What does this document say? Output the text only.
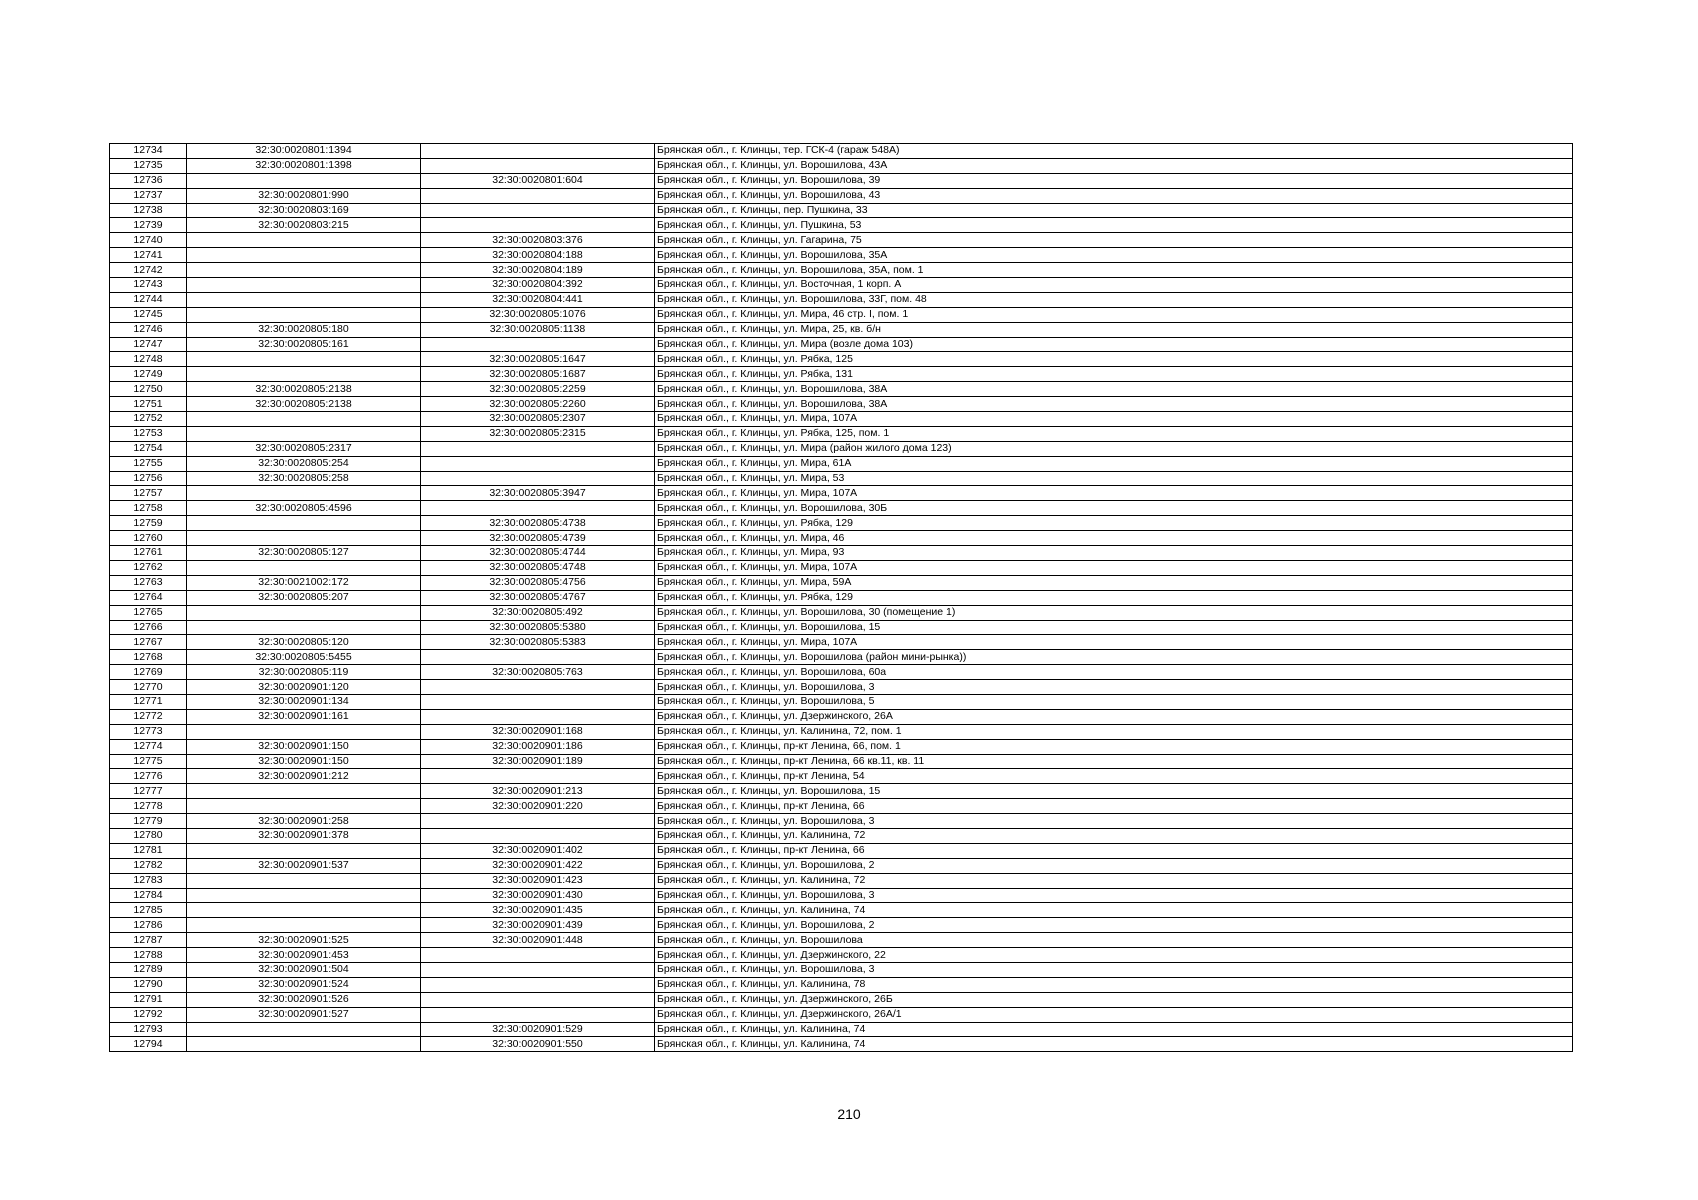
12734	32:30:0020801:1394		Брянская обл., г. Клинцы, тер. ГСК-4 (гараж 548А)
12735	32:30:0020801:1398		Брянская обл., г. Клинцы, ул. Ворошилова, 43А
12736		32:30:0020801:604	Брянская обл., г. Клинцы, ул. Ворошилова, 39
12737	32:30:0020801:990		Брянская обл., г. Клинцы, ул. Ворошилова, 43
12738	32:30:0020803:169		Брянская обл., г. Клинцы, пер. Пушкина, 33
12739	32:30:0020803:215		Брянская обл., г. Клинцы, ул. Пушкина, 53
12740		32:30:0020803:376	Брянская обл., г. Клинцы, ул. Гагарина, 75
12741		32:30:0020804:188	Брянская обл., г. Клинцы, ул. Ворошилова, 35А
12742		32:30:0020804:189	Брянская обл., г. Клинцы, ул. Ворошилова, 35А, пом. 1
12743		32:30:0020804:392	Брянская обл., г. Клинцы, ул. Восточная, 1 корп. А
12744		32:30:0020804:441	Брянская обл., г. Клинцы, ул. Ворошилова, 33Г, пом. 48
12745		32:30:0020805:1076	Брянская обл., г. Клинцы, ул. Мира, 46 стр. I, пом. 1
12746	32:30:0020805:180	32:30:0020805:1138	Брянская обл., г. Клинцы, ул. Мира, 25, кв. б/н
12747	32:30:0020805:161		Брянская обл., г. Клинцы, ул. Мира (возле дома 103)
12748		32:30:0020805:1647	Брянская обл., г. Клинцы, ул. Рябка, 125
12749		32:30:0020805:1687	Брянская обл., г. Клинцы, ул. Рябка, 131
12750	32:30:0020805:2138	32:30:0020805:2259	Брянская обл., г. Клинцы, ул. Ворошилова, 38А
12751	32:30:0020805:2138	32:30:0020805:2260	Брянская обл., г. Клинцы, ул. Ворошилова, 38А
12752		32:30:0020805:2307	Брянская обл., г. Клинцы, ул. Мира, 107А
12753		32:30:0020805:2315	Брянская обл., г. Клинцы, ул. Рябка, 125, пом. 1
12754	32:30:0020805:2317		Брянская обл., г. Клинцы, ул. Мира (район жилого дома 123)
12755	32:30:0020805:254		Брянская обл., г. Клинцы, ул. Мира, 61А
12756	32:30:0020805:258		Брянская обл., г. Клинцы, ул. Мира, 53
12757		32:30:0020805:3947	Брянская обл., г. Клинцы, ул. Мира, 107А
12758	32:30:0020805:4596		Брянская обл., г. Клинцы, ул. Ворошилова, 30Б
12759		32:30:0020805:4738	Брянская обл., г. Клинцы, ул. Рябка, 129
12760		32:30:0020805:4739	Брянская обл., г. Клинцы, ул. Мира, 46
12761	32:30:0020805:127	32:30:0020805:4744	Брянская обл., г. Клинцы, ул. Мира, 93
12762		32:30:0020805:4748	Брянская обл., г. Клинцы, ул. Мира, 107А
12763	32:30:0021002:172	32:30:0020805:4756	Брянская обл., г. Клинцы, ул. Мира, 59А
12764	32:30:0020805:207	32:30:0020805:4767	Брянская обл., г. Клинцы, ул. Рябка, 129
12765		32:30:0020805:492	Брянская обл., г. Клинцы, ул. Ворошилова, 30 (помещение 1)
12766		32:30:0020805:5380	Брянская обл., г. Клинцы, ул. Ворошилова, 15
12767	32:30:0020805:120	32:30:0020805:5383	Брянская обл., г. Клинцы, ул. Мира, 107А
12768	32:30:0020805:5455		Брянская обл., г. Клинцы, ул. Ворошилова (район мини-рынка))
12769	32:30:0020805:119	32:30:0020805:763	Брянская обл., г. Клинцы, ул. Ворошилова, 60а
12770	32:30:0020901:120		Брянская обл., г. Клинцы, ул. Ворошилова, 3
12771	32:30:0020901:134		Брянская обл., г. Клинцы, ул. Ворошилова, 5
12772	32:30:0020901:161		Брянская обл., г. Клинцы, ул. Дзержинского, 26А
12773		32:30:0020901:168	Брянская обл., г. Клинцы, ул. Калинина, 72, пом. 1
12774	32:30:0020901:150	32:30:0020901:186	Брянская обл., г. Клинцы, пр-кт Ленина, 66, пом. 1
12775	32:30:0020901:150	32:30:0020901:189	Брянская обл., г. Клинцы, пр-кт Ленина, 66 кв.11, кв. 11
12776	32:30:0020901:212		Брянская обл., г. Клинцы, пр-кт Ленина, 54
12777		32:30:0020901:213	Брянская обл., г. Клинцы, ул. Ворошилова, 15
12778		32:30:0020901:220	Брянская обл., г. Клинцы, пр-кт Ленина, 66
12779	32:30:0020901:258		Брянская обл., г. Клинцы, ул. Ворошилова, 3
12780	32:30:0020901:378		Брянская обл., г. Клинцы, ул. Калинина, 72
12781		32:30:0020901:402	Брянская обл., г. Клинцы, пр-кт Ленина, 66
12782	32:30:0020901:537	32:30:0020901:422	Брянская обл., г. Клинцы, ул. Ворошилова, 2
12783		32:30:0020901:423	Брянская обл., г. Клинцы, ул. Калинина, 72
12784		32:30:0020901:430	Брянская обл., г. Клинцы, ул. Ворошилова, 3
12785		32:30:0020901:435	Брянская обл., г. Клинцы, ул. Калинина, 74
12786		32:30:0020901:439	Брянская обл., г. Клинцы, ул. Ворошилова, 2
12787	32:30:0020901:525	32:30:0020901:448	Брянская обл., г. Клинцы, ул. Ворошилова
12788	32:30:0020901:453		Брянская обл., г. Клинцы, ул. Дзержинского, 22
12789	32:30:0020901:504		Брянская обл., г. Клинцы, ул. Ворошилова, 3
12790	32:30:0020901:524		Брянская обл., г. Клинцы, ул. Калинина, 78
12791	32:30:0020901:526		Брянская обл., г. Клинцы, ул. Дзержинского, 26Б
12792	32:30:0020901:527		Брянская обл., г. Клинцы, ул. Дзержинского, 26А/1
12793		32:30:0020901:529	Брянская обл., г. Клинцы, ул. Калинина, 74
12794		32:30:0020901:550	Брянская обл., г. Клинцы, ул. Калинина, 74
210
